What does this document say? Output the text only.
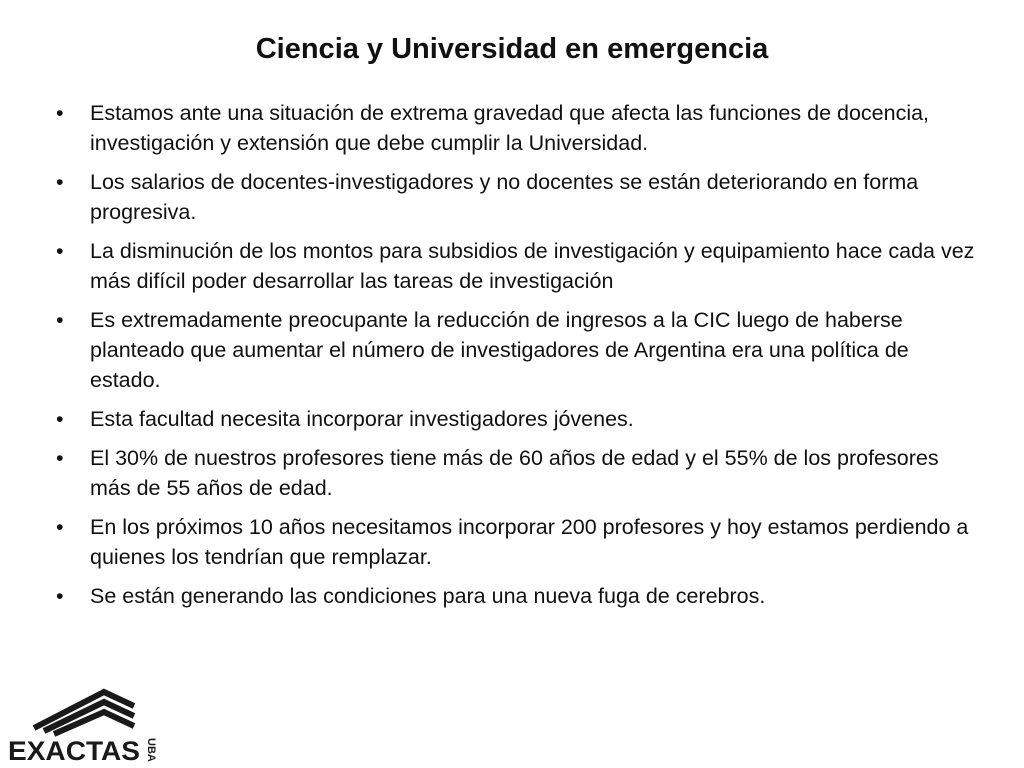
Ciencia y Universidad en emergencia
•	Estamos ante una situación de extrema gravedad que afecta las funciones de docencia, investigación y extensión que debe cumplir la Universidad.
•	Los salarios de docentes-investigadores y no docentes se están deteriorando en forma progresiva.
•	La disminución de los montos para subsidios de investigación y equipamiento hace cada vez más difícil poder desarrollar las tareas de investigación
•	Es extremadamente preocupante la reducción de ingresos a la CIC luego de haberse planteado que aumentar el número de investigadores de Argentina era una política de estado.
•	Esta facultad necesita incorporar investigadores jóvenes.
•	El 30% de nuestros profesores tiene más de 60 años de edad y el 55% de los profesores más de 55 años de edad.
•	En los próximos 10 años necesitamos incorporar 200 profesores y hoy estamos perdiendo a quienes los tendrían que remplazar.
•	Se están generando las condiciones para una nueva fuga de cerebros.
EXACTAS UBA
